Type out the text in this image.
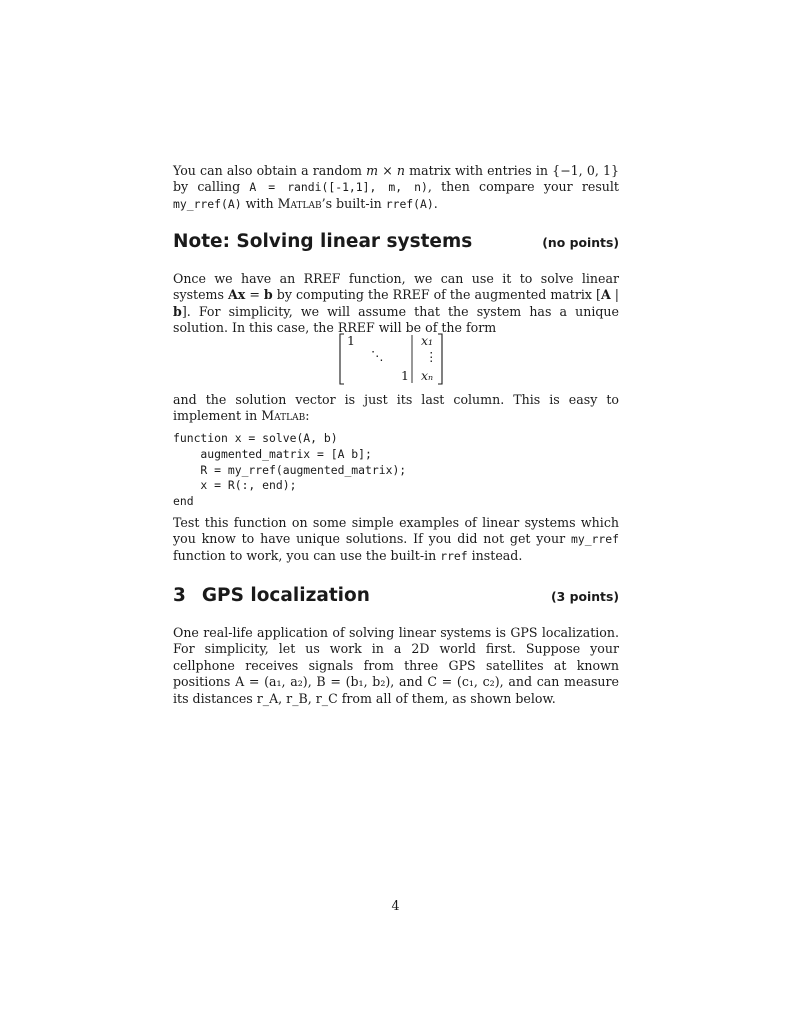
You can also obtain a random m × n matrix with entries in {−1, 0, 1} by calling A = randi([-1,1], m, n), then compare your result my_rref(A) with Matlab’s built-in rref(A).

Note: Solving linear systems	(no points)

Once we have an RREF function, we can use it to solve linear systems Ax = b by computing the RREF of the augmented matrix [A | b]. For simplicity, we will assume that the system has a unique solution. In this case, the RREF will be of the form

1
⋱
1
x₁
⋮
xₙ

and the solution vector is just its last column. This is easy to implement in Matlab:

function x = solve(A, b)
augmented_matrix = [A b];
R = my_rref(augmented_matrix);
x = R(:, end);
end

Test this function on some simple examples of linear systems which you know to have unique solutions. If you did not get your my_rref function to work, you can use the built-in rref instead.

3 GPS localization	(3 points)

One real-life application of solving linear systems is GPS localization. For simplicity, let us work in a 2D world first. Suppose your cellphone receives signals from three GPS satellites at known positions A = (a₁, a₂), B = (b₁, b₂), and C = (c₁, c₂), and can measure its distances r_A, r_B, r_C from all of them, as shown below.

4
